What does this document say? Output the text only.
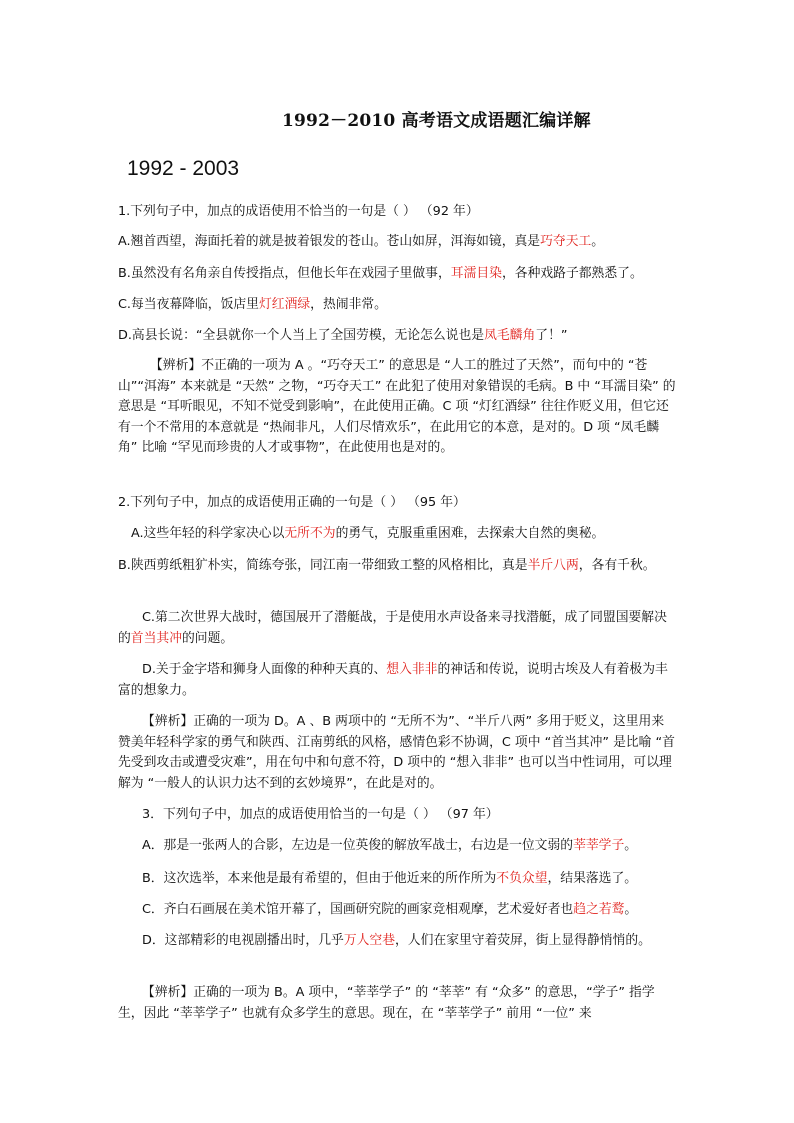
1992－2010 高考语文成语题汇编详解
1992 - 2003
1.下列句子中，加点的成语使用不恰当的一句是（ ） （92 年）
A.翘首西望，海面托着的就是披着银发的苍山。苍山如屏，洱海如镜，真是巧夺天工。
B.虽然没有名角亲自传授指点，但他长年在戏园子里做事，耳濡目染，各种戏路子都熟悉了。
C.每当夜幕降临，饭店里灯红酒绿，热闹非常。
D.高县长说：“全县就你一个人当上了全国劳模，无论怎么说也是凤毛麟角了！”
【辨析】不正确的一项为 A 。“巧夺天工” 的意思是 “人工的胜过了天然”，而句中的 “苍山”“洱海” 本来就是 “天然” 之物，“巧夺天工” 在此犯了使用对象错误的毛病。B 中 “耳濡目染” 的意思是 “耳听眼见，不知不觉受到影响”，在此使用正确。C 项 “灯红酒绿” 往往作贬义用，但它还有一个不常用的本意就是 “热闹非凡，人们尽情欢乐”，在此用它的本意，是对的。D 项 “凤毛麟角” 比喻 “罕见而珍贵的人才或事物”，在此使用也是对的。
2.下列句子中，加点的成语使用正确的一句是（ ） （95 年）
A.这些年轻的科学家决心以无所不为的勇气，克服重重困难，去探索大自然的奥秘。
B.陕西剪纸粗犷朴实，简练夸张，同江南一带细致工整的风格相比，真是半斤八两，各有千秋。
C.第二次世界大战时，德国展开了潜艇战，于是使用水声设备来寻找潜艇，成了同盟国要解决的首当其冲的问题。
D.关于金字塔和狮身人面像的种种天真的、想入非非的神话和传说，说明古埃及人有着极为丰富的想象力。
【辨析】正确的一项为 D。A 、B 两项中的 “无所不为”、“半斤八两” 多用于贬义，这里用来赞美年轻科学家的勇气和陕西、江南剪纸的风格，感情色彩不协调，C 项中 “首当其冲” 是比喻 “首先受到攻击或遭受灾难”，用在句中和句意不符，D 项中的 “想入非非” 也可以当中性词用，可以理解为 “一般人的认识力达不到的玄妙境界”，在此是对的。
3．下列句子中，加点的成语使用恰当的一句是（ ） （97 年）
A．那是一张两人的合影，左边是一位英俊的解放军战士，右边是一位文弱的莘莘学子。
B．这次选举，本来他是最有希望的，但由于他近来的所作所为不负众望，结果落选了。
C．齐白石画展在美术馆开幕了，国画研究院的画家竞相观摩，艺术爱好者也趋之若鹜。
D．这部精彩的电视剧播出时，几乎万人空巷，人们在家里守着荧屏，街上显得静悄悄的。
【辨析】正确的一项为 B。A 项中，“莘莘学子” 的 “莘莘” 有 “众多” 的意思，“学子” 指学生，因此 “莘莘学子” 也就有众多学生的意思。现在，在 “莘莘学子” 前用 “一位” 来
